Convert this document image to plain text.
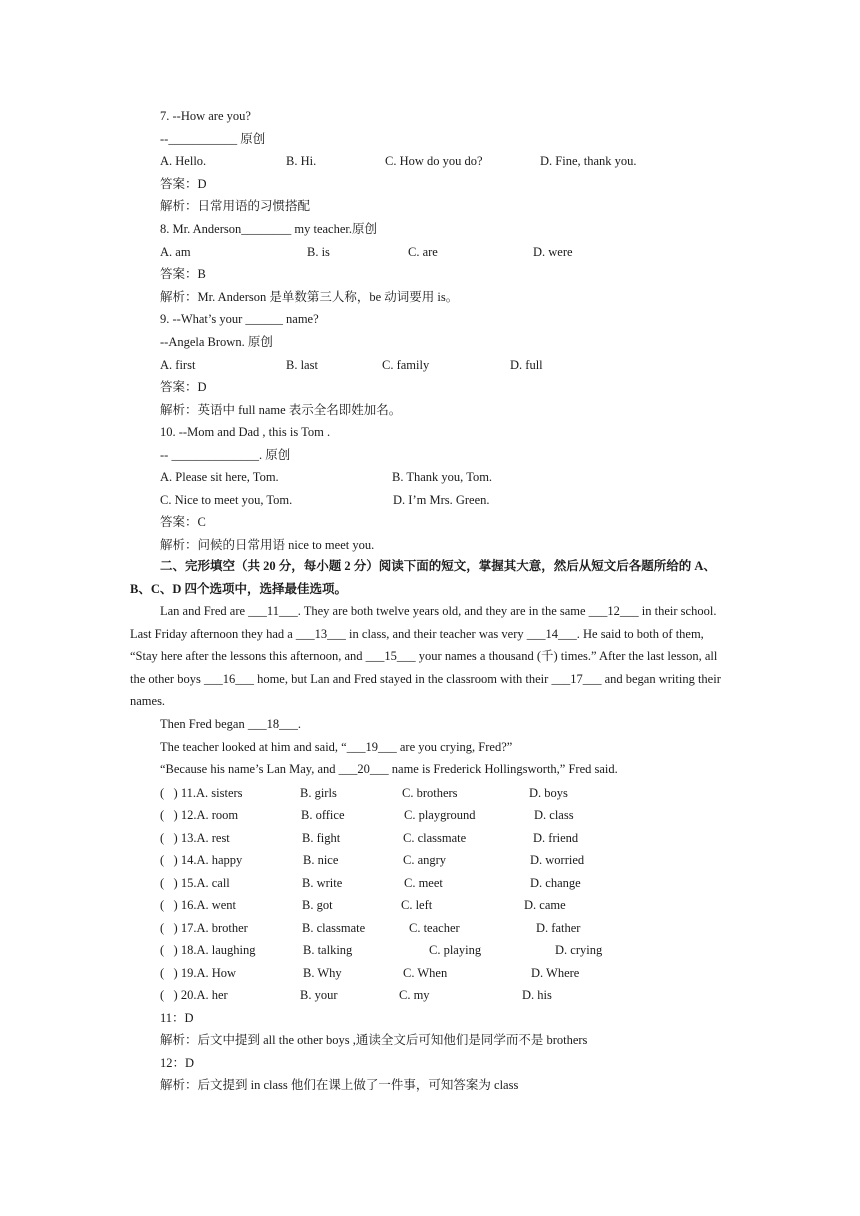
7. --How are you?
--___________ 原创
A. Hello.	B. Hi.	C. How do you do?	D. Fine, thank you.
答案：D
解析：日常用语的习惯搭配
8. Mr. Anderson________ my teacher.原创
A. am	B. is	C. are	D. were
答案：B
解析：Mr. Anderson 是单数第三人称，be 动词要用 is。
9. --What’s your ______ name?
--Angela Brown. 原创
A. first	B. last	C. family	D. full
答案：D
解析：英语中 full name 表示全名即姓加名。
10. --Mom and Dad , this is Tom .
-- ______________. 原创
A. Please sit here, Tom.	B. Thank you, Tom.
C. Nice to meet you, Tom.	D. I’m Mrs. Green.
答案：C
解析：问候的日常用语 nice to meet you.
二、完形填空（共 20 分，每小题 2 分）阅读下面的短文，掌握其大意，然后从短文后各题所给的 A、B、C、D 四个选项中，选择最佳选项。
Lan and Fred are ___11___. They are both twelve years old, and they are in the same ___12___ in their school. Last Friday afternoon they had a ___13___ in class, and their teacher was very ___14___. He said to both of them, “Stay here after the lessons this afternoon, and ___15___ your names a thousand (千) times.” After the last lesson, all the other boys ___16___ home, but Lan and Fred stayed in the classroom with their ___17___ and began writing their names.
Then Fred began ___18___.
The teacher looked at him and said, “___19___ are you crying, Fred?”
“Because his name’s Lan May, and ___20___ name is Frederick Hollingsworth,” Fred said.
(   ) 11.A. sisters	B. girls	C. brothers	D. boys
(   ) 12.A. room	B. office	C. playground	D. class
(   ) 13.A. rest	B. fight	C. classmate	D. friend
(   ) 14.A. happy	B. nice	C. angry	D. worried
(   ) 15.A. call	B. write	C. meet	D. change
(   ) 16.A. went	B. got	C. left	D. came
(   ) 17.A. brother	B. classmate	C. teacher	D. father
(   ) 18.A. laughing	B. talking	C. playing	D. crying
(   ) 19.A. How	B. Why	C. When	D. Where
(   ) 20.A. her	B. your	C. my	D. his
11：D
解析：后文中提到 all the other boys ,通读全文后可知他们是同学而不是 brothers
12：D
解析：后文提到 in class 他们在课上做了一件事，可知答案为 class
